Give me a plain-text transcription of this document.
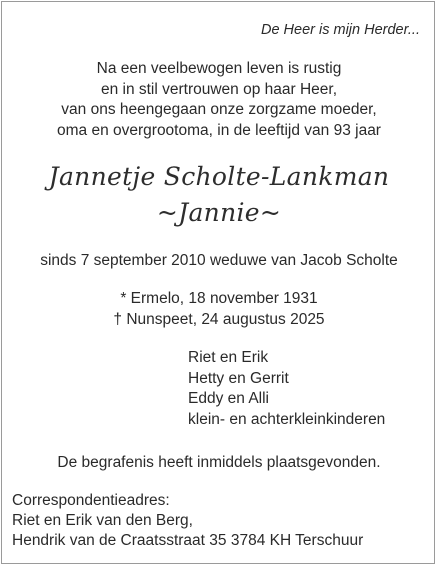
De Heer is mijn Herder...
Na een veelbewogen leven is rustig
en in stil vertrouwen op haar Heer,
van ons heengegaan onze zorgzame moeder,
oma en overgrootoma, in de leeftijd van 93 jaar
Jannetje Scholte-Lankman
~Jannie~
sinds 7 september 2010 weduwe van Jacob Scholte
* Ermelo, 18 november 1931
† Nunspeet, 24 augustus 2025
Riet en Erik
Hetty en Gerrit
Eddy en Alli
klein- en achterkleinkinderen
De begrafenis heeft inmiddels plaatsgevonden.
Correspondentieadres:
Riet en Erik van den Berg,
Hendrik van de Craatsstraat 35 3784 KH Terschuur
